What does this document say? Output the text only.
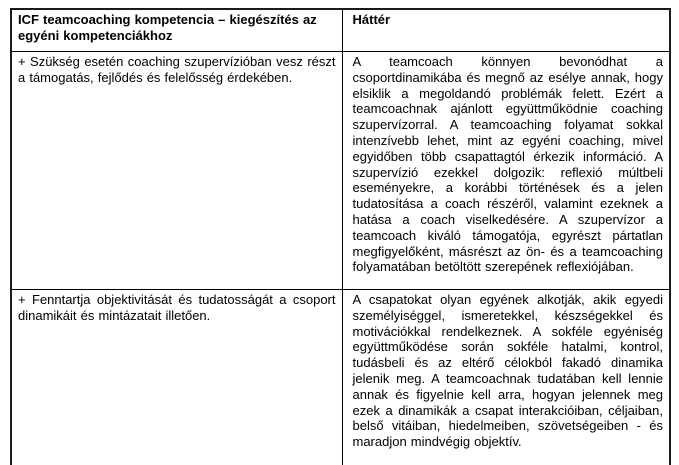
ICF teamcoaching kompetencia – kiegészítés az egyéni kompetenciákhoz	Háttér
+ Szükség esetén coaching szupervízióban vesz részt a támogatás, fejlődés és felelősség érdekében.	A teamcoach könnyen bevonódhat a csoportdinamikába és megnő az esélye annak, hogy elsiklik a megoldandó problémák felett. Ezért a teamcoachnak ajánlott együttműködnie coaching szupervízorral. A teamcoaching folyamat sokkal intenzívebb lehet, mint az egyéni coaching, mivel egyidőben több csapattagtól érkezik információ. A szupervízió ezekkel dolgozik: reflexió múltbeli eseményekre, a korábbi történések és a jelen tudatosítása a coach részéről, valamint ezeknek a hatása a coach viselkedésére. A szupervízor a teamcoach kiváló támogatója, egyrészt pártatlan megfigyelőként, másrészt az ön- és a teamcoaching folyamatában betöltött szerepének reflexiójában.
+ Fenntartja objektivitását és tudatosságát a csoport dinamikáit és mintázatait illetően.	A csapatokat olyan egyének alkotják, akik egyedi személyiséggel, ismeretekkel, készségekkel és motivációkkal rendelkeznek. A sokféle egyéniség együttműködése során sokféle hatalmi, kontrol, tudásbeli és az eltérő célokból fakadó dinamika jelenik meg. A teamcoachnak tudatában kell lennie annak és figyelnie kell arra, hogyan jelennek meg ezek a dinamikák a csapat interakcióiban, céljaiban, belső vitáiban, hiedelmeiben, szövetségeiben - és maradjon mindvégig objektív.
